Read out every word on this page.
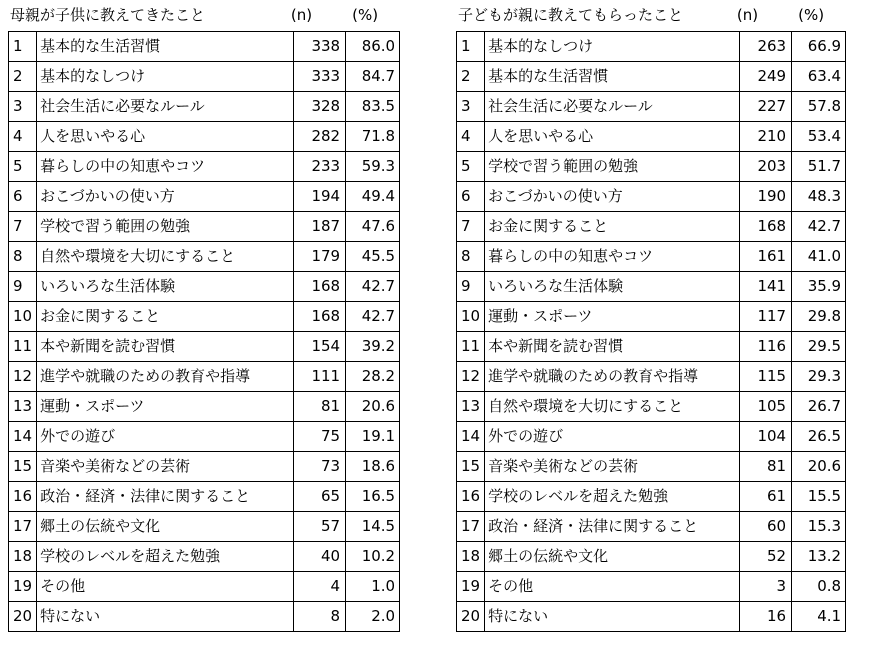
母親が子供に教えてきたこと	(n)	(%)
1	基本的な生活習慣	338	86.0
2	基本的なしつけ	333	84.7
3	社会生活に必要なルール	328	83.5
4	人を思いやる心	282	71.8
5	暮らしの中の知恵やコツ	233	59.3
6	おこづかいの使い方	194	49.4
7	学校で習う範囲の勉強	187	47.6
8	自然や環境を大切にすること	179	45.5
9	いろいろな生活体験	168	42.7
10	お金に関すること	168	42.7
11	本や新聞を読む習慣	154	39.2
12	進学や就職のための教育や指導	111	28.2
13	運動・スポーツ	81	20.6
14	外での遊び	75	19.1
15	音楽や美術などの芸術	73	18.6
16	政治・経済・法律に関すること	65	16.5
17	郷土の伝統や文化	57	14.5
18	学校のレベルを超えた勉強	40	10.2
19	その他	4	1.0
20	特にない	8	2.0
子どもが親に教えてもらったこと	(n)	(%)
1	基本的なしつけ	263	66.9
2	基本的な生活習慣	249	63.4
3	社会生活に必要なルール	227	57.8
4	人を思いやる心	210	53.4
5	学校で習う範囲の勉強	203	51.7
6	おこづかいの使い方	190	48.3
7	お金に関すること	168	42.7
8	暮らしの中の知恵やコツ	161	41.0
9	いろいろな生活体験	141	35.9
10	運動・スポーツ	117	29.8
11	本や新聞を読む習慣	116	29.5
12	進学や就職のための教育や指導	115	29.3
13	自然や環境を大切にすること	105	26.7
14	外での遊び	104	26.5
15	音楽や美術などの芸術	81	20.6
16	学校のレベルを超えた勉強	61	15.5
17	政治・経済・法律に関すること	60	15.3
18	郷土の伝統や文化	52	13.2
19	その他	3	0.8
20	特にない	16	4.1
